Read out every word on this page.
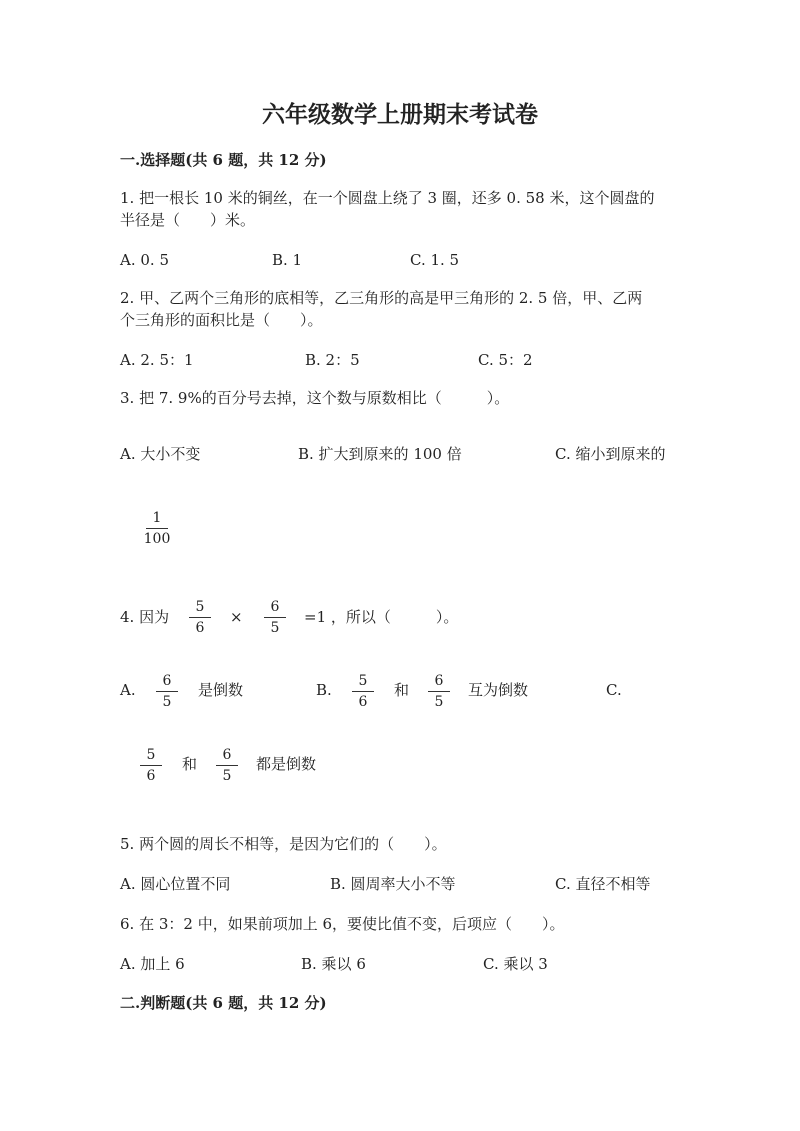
六年级数学上册期末考试卷
一.选择题(共 6 题，共 12 分)
1. 把一根长 10 米的铜丝，在一个圆盘上绕了 3 圈，还多 0. 58 米，这个圆盘的
半径是（　　）米。
A. 0. 5	B. 1	C. 1. 5
2. 甲、乙两个三角形的底相等，乙三角形的高是甲三角形的 2. 5 倍，甲、乙两
个三角形的面积比是（　　）。
A. 2. 5：1	B. 2：5	C. 5：2
3. 把 7. 9%的百分号去掉，这个数与原数相比（　　　）。
A. 大小不变	B. 扩大到原来的 100 倍	C. 缩小到原来的
1
100
4. 因为
5
6
×
6
5
=1 ，所以（　　　）。
A.	6
5
是倒数	B.	5
6
和	6
5
互为倒数	C.
5
6
和	6
5
都是倒数
5. 两个圆的周长不相等，是因为它们的（　　）。
A. 圆心位置不同	B. 圆周率大小不等	C. 直径不相等
6. 在 3：2 中，如果前项加上 6，要使比值不变，后项应（　　）。
A. 加上 6	B. 乘以 6	C. 乘以 3
二.判断题(共 6 题，共 12 分)
